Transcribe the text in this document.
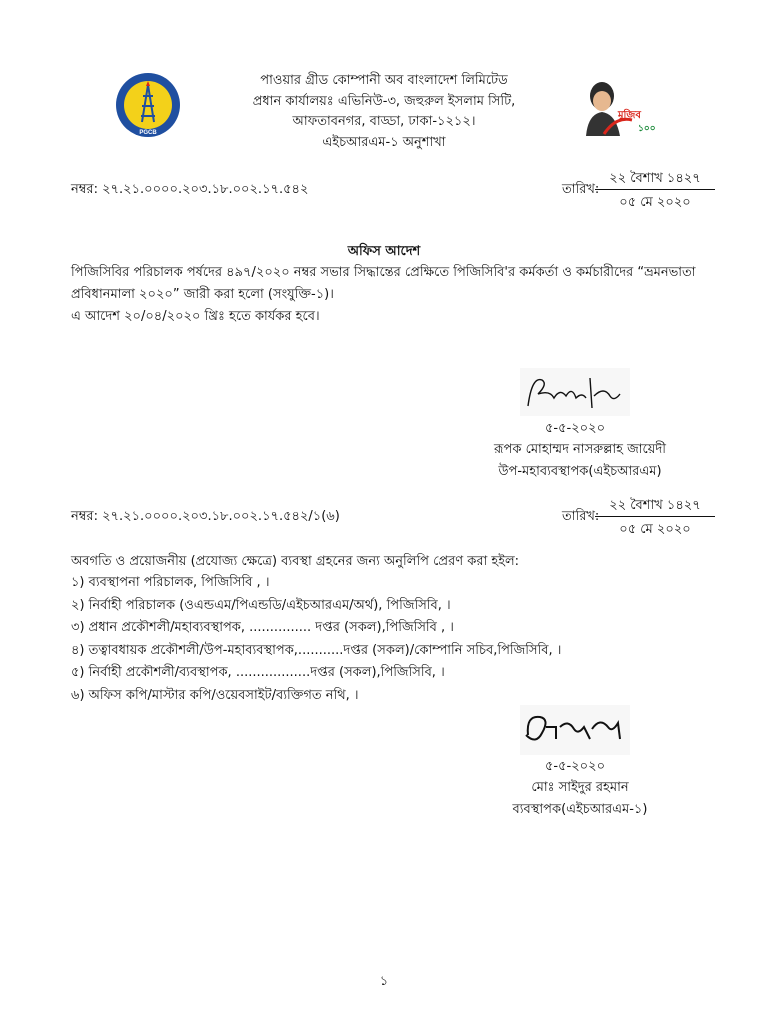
PGCB
পাওয়ার গ্রীড কোম্পানী অব বাংলাদেশ লিমিটেড
প্রধান কার্যালয়ঃ এভিনিউ-৩, জহুরুল ইসলাম সিটি,
আফতাবনগর, বাড্ডা, ঢাকা-১২১২।
এইচআরএম-১ অনুশাখা
মুজিব
১০০
নম্বর: ২৭.২১.০০০০.২০৩.১৮.০০২.১৭.৫৪২	তারিখ:
২২ বৈশাখ ১৪২৭
০৫ মে ২০২০
অফিস আদেশ
পিজিসিবির পরিচালক পর্ষদের ৪৯৭/২০২০ নম্বর সভার সিদ্ধান্তের প্রেক্ষিতে পিজিসিবি'র কর্মকর্তা ও কর্মচারীদের “ভ্রমনভাতা
প্রবিধানমালা ২০২০” জারী করা হলো (সংযুক্তি-১)।
এ আদেশ ২০/০৪/২০২০ খ্রিঃ হতে কার্যকর হবে।
৫-৫-২০২০
রূপক মোহাম্মদ নাসরুল্লাহ জায়েদী
উপ-মহাব্যবস্থাপক(এইচআরএম)
নম্বর: ২৭.২১.০০০০.২০৩.১৮.০০২.১৭.৫৪২/১(৬)	তারিখ:
২২ বৈশাখ ১৪২৭
০৫ মে ২০২০
অবগতি ও প্রয়োজনীয় (প্রযোজ্য ক্ষেত্রে) ব্যবস্থা গ্রহনের জন্য অনুলিপি প্রেরণ করা হইল:
১) ব্যবস্থাপনা পরিচালক, পিজিসিবি , ।
২) নির্বাহী পরিচালক (ওএন্ডএম/পিএন্ডডি/এইচআরএম/অর্থ), পিজিসিবি, ।
৩) প্রধান প্রকৌশলী/মহাব্যবস্থাপক, ............... দপ্তর (সকল),পিজিসিবি , ।
৪) তত্বাবধায়ক প্রকৌশলী/উপ-মহাব্যবস্থাপক,...........দপ্তর (সকল)/কোম্পানি সচিব,পিজিসিবি, ।
৫) নির্বাহী প্রকৌশলী/ব্যবস্থাপক, ..................দপ্তর (সকল),পিজিসিবি, ।
৬) অফিস কপি/মাস্টার কপি/ওয়েবসাইট/ব্যক্তিগত নথি, ।
৫-৫-২০২০
মোঃ সাইদুর রহমান
ব্যবস্থাপক(এইচআরএম-১)
১
